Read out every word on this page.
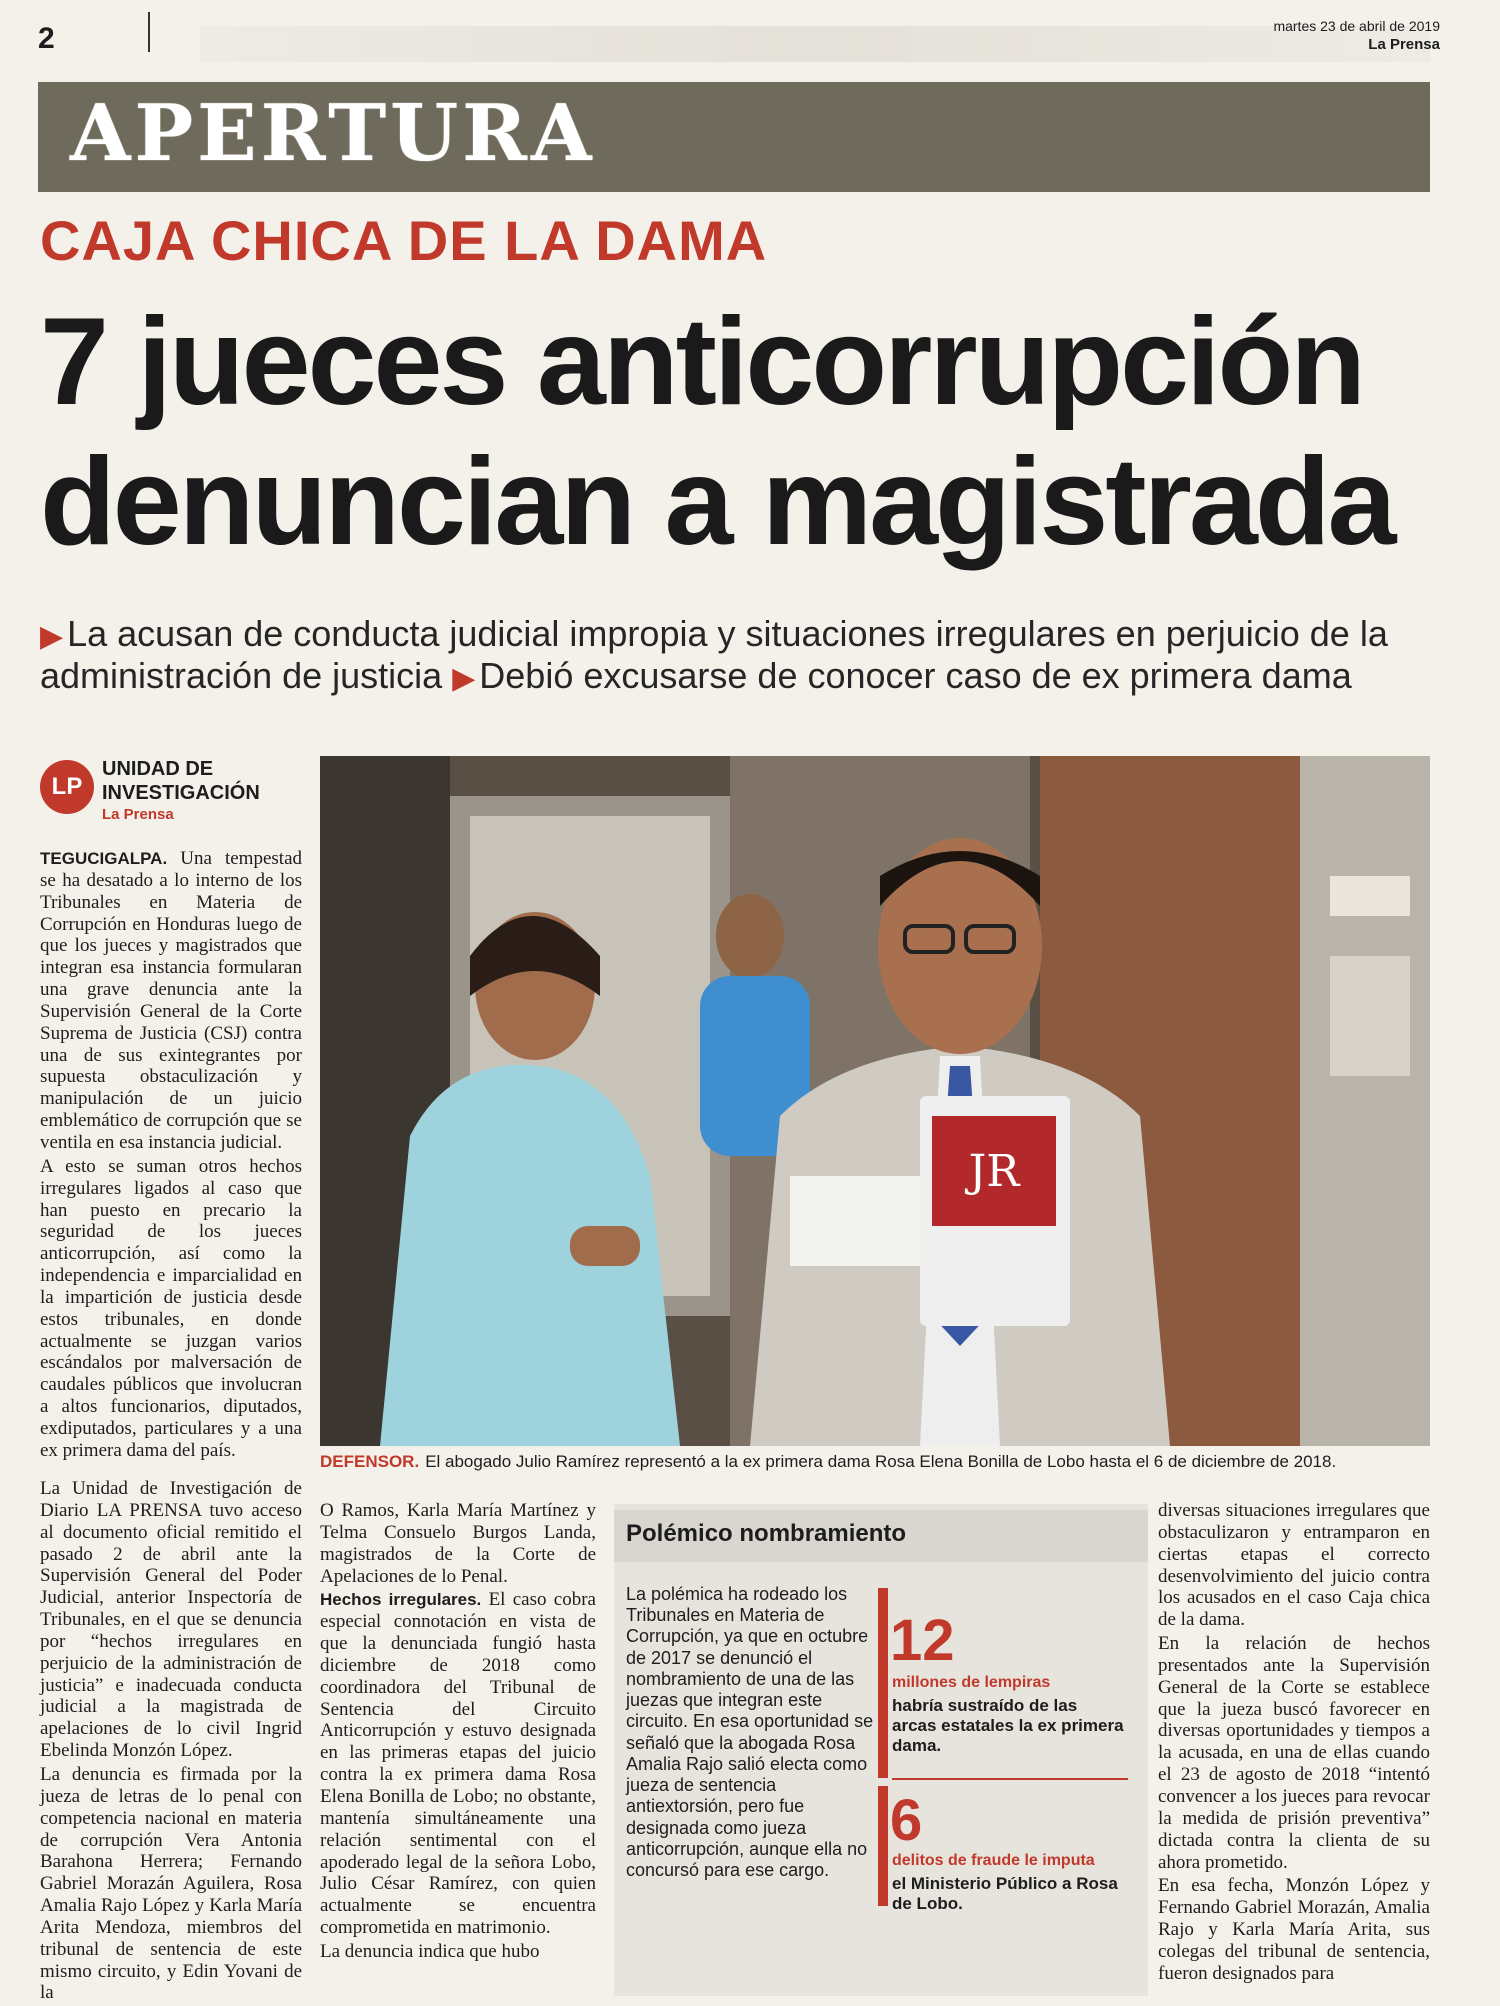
2	martes 23 de abril de 2019
La Prensa
APERTURA
CAJA CHICA DE LA DAMA
7 jueces anticorrupción
denuncian a magistrada
▶ La acusan de conducta judicial impropia y situaciones irregulares en perjuicio de la
administración de justicia ▶ Debió excusarse de conocer caso de ex primera dama
LP
UNIDAD DE
INVESTIGACIÓN
La Prensa
JR
DEFENSOR. El abogado Julio Ramírez representó a la ex primera dama Rosa Elena Bonilla de Lobo hasta el 6 de diciembre de 2018.

TEGUCIGALPA. Una tempestad se ha desatado a lo interno de los Tribunales en Materia de Corrupción en Honduras luego de que los jueces y magistrados que integran esa instancia formularan una grave denuncia ante la Supervisión General de la Corte Suprema de Justicia (CSJ) contra una de sus exintegrantes por supuesta obstaculización y manipulación de un juicio emblemático de corrupción que se ventila en esa instancia judicial.

A esto se suman otros hechos irregulares ligados al caso que han puesto en precario la seguridad de los jueces anticorrupción, así como la independencia e imparcialidad en la impartición de justicia desde estos tribunales, en donde actualmente se juzgan varios escándalos por malversación de caudales públicos que involucran a altos funcionarios, diputados, exdiputados, particulares y a una ex primera dama del país.

La Unidad de Investigación de Diario LA PRENSA tuvo acceso al documento oficial remitido el pasado 2 de abril ante la Supervisión General del Poder Judicial, anterior Inspectoría de Tribunales, en el que se denuncia por “hechos irregulares en perjuicio de la administración de justicia” e inadecuada conducta judicial a la magistrada de apelaciones de lo civil Ingrid Ebelinda Monzón López.

La denuncia es firmada por la jueza de letras de lo penal con competencia nacional en materia de corrupción Vera Antonia Barahona Herrera; Fernando Gabriel Morazán Aguilera, Rosa Amalia Rajo López y Karla María Arita Mendoza, miembros del tribunal de sentencia de este mismo circuito, y Edin Yovani de la

O Ramos, Karla María Martínez y Telma Consuelo Burgos Landa, magistrados de la Corte de Apelaciones de lo Penal.

Hechos irregulares. El caso cobra especial connotación en vista de que la denunciada fungió hasta diciembre de 2018 como coordinadora del Tribunal de Sentencia del Circuito Anticorrupción y estuvo designada en las primeras etapas del juicio contra la ex primera dama Rosa Elena Bonilla de Lobo; no obstante, mantenía simultáneamente una relación sentimental con el apoderado legal de la señora Lobo, Julio César Ramírez, con quien actualmente se encuentra comprometida en matrimonio.

La denuncia indica que hubo

Polémico nombramiento
La polémica ha rodeado los Tribunales en Materia de Corrupción, ya que en octubre de 2017 se denunció el nombramiento de una de las juezas que integran este circuito. En esa oportunidad se señaló que la abogada Rosa Amalia Rajo salió electa como jueza de sentencia antiextorsión, pero fue designada como jueza anticorrupción, aunque ella no concursó para ese cargo.
12
millones de lempiras
habría sustraído de las arcas estatales la ex primera dama.
6
delitos de fraude le imputa
el Ministerio Público a Rosa de Lobo.

diversas situaciones irregulares que obstaculizaron y entramparon en ciertas etapas el correcto desenvolvimiento del juicio contra los acusados en el caso Caja chica de la dama.

En la relación de hechos presentados ante la Supervisión General de la Corte se establece que la jueza buscó favorecer en diversas oportunidades y tiempos a la acusada, en una de ellas cuando el 23 de agosto de 2018 “intentó convencer a los jueces para revocar la medida de prisión preventiva” dictada contra la clienta de su ahora prometido.

En esa fecha, Monzón López y Fernando Gabriel Morazán, Amalia Rajo y Karla María Arita, sus colegas del tribunal de sentencia, fueron designados para
